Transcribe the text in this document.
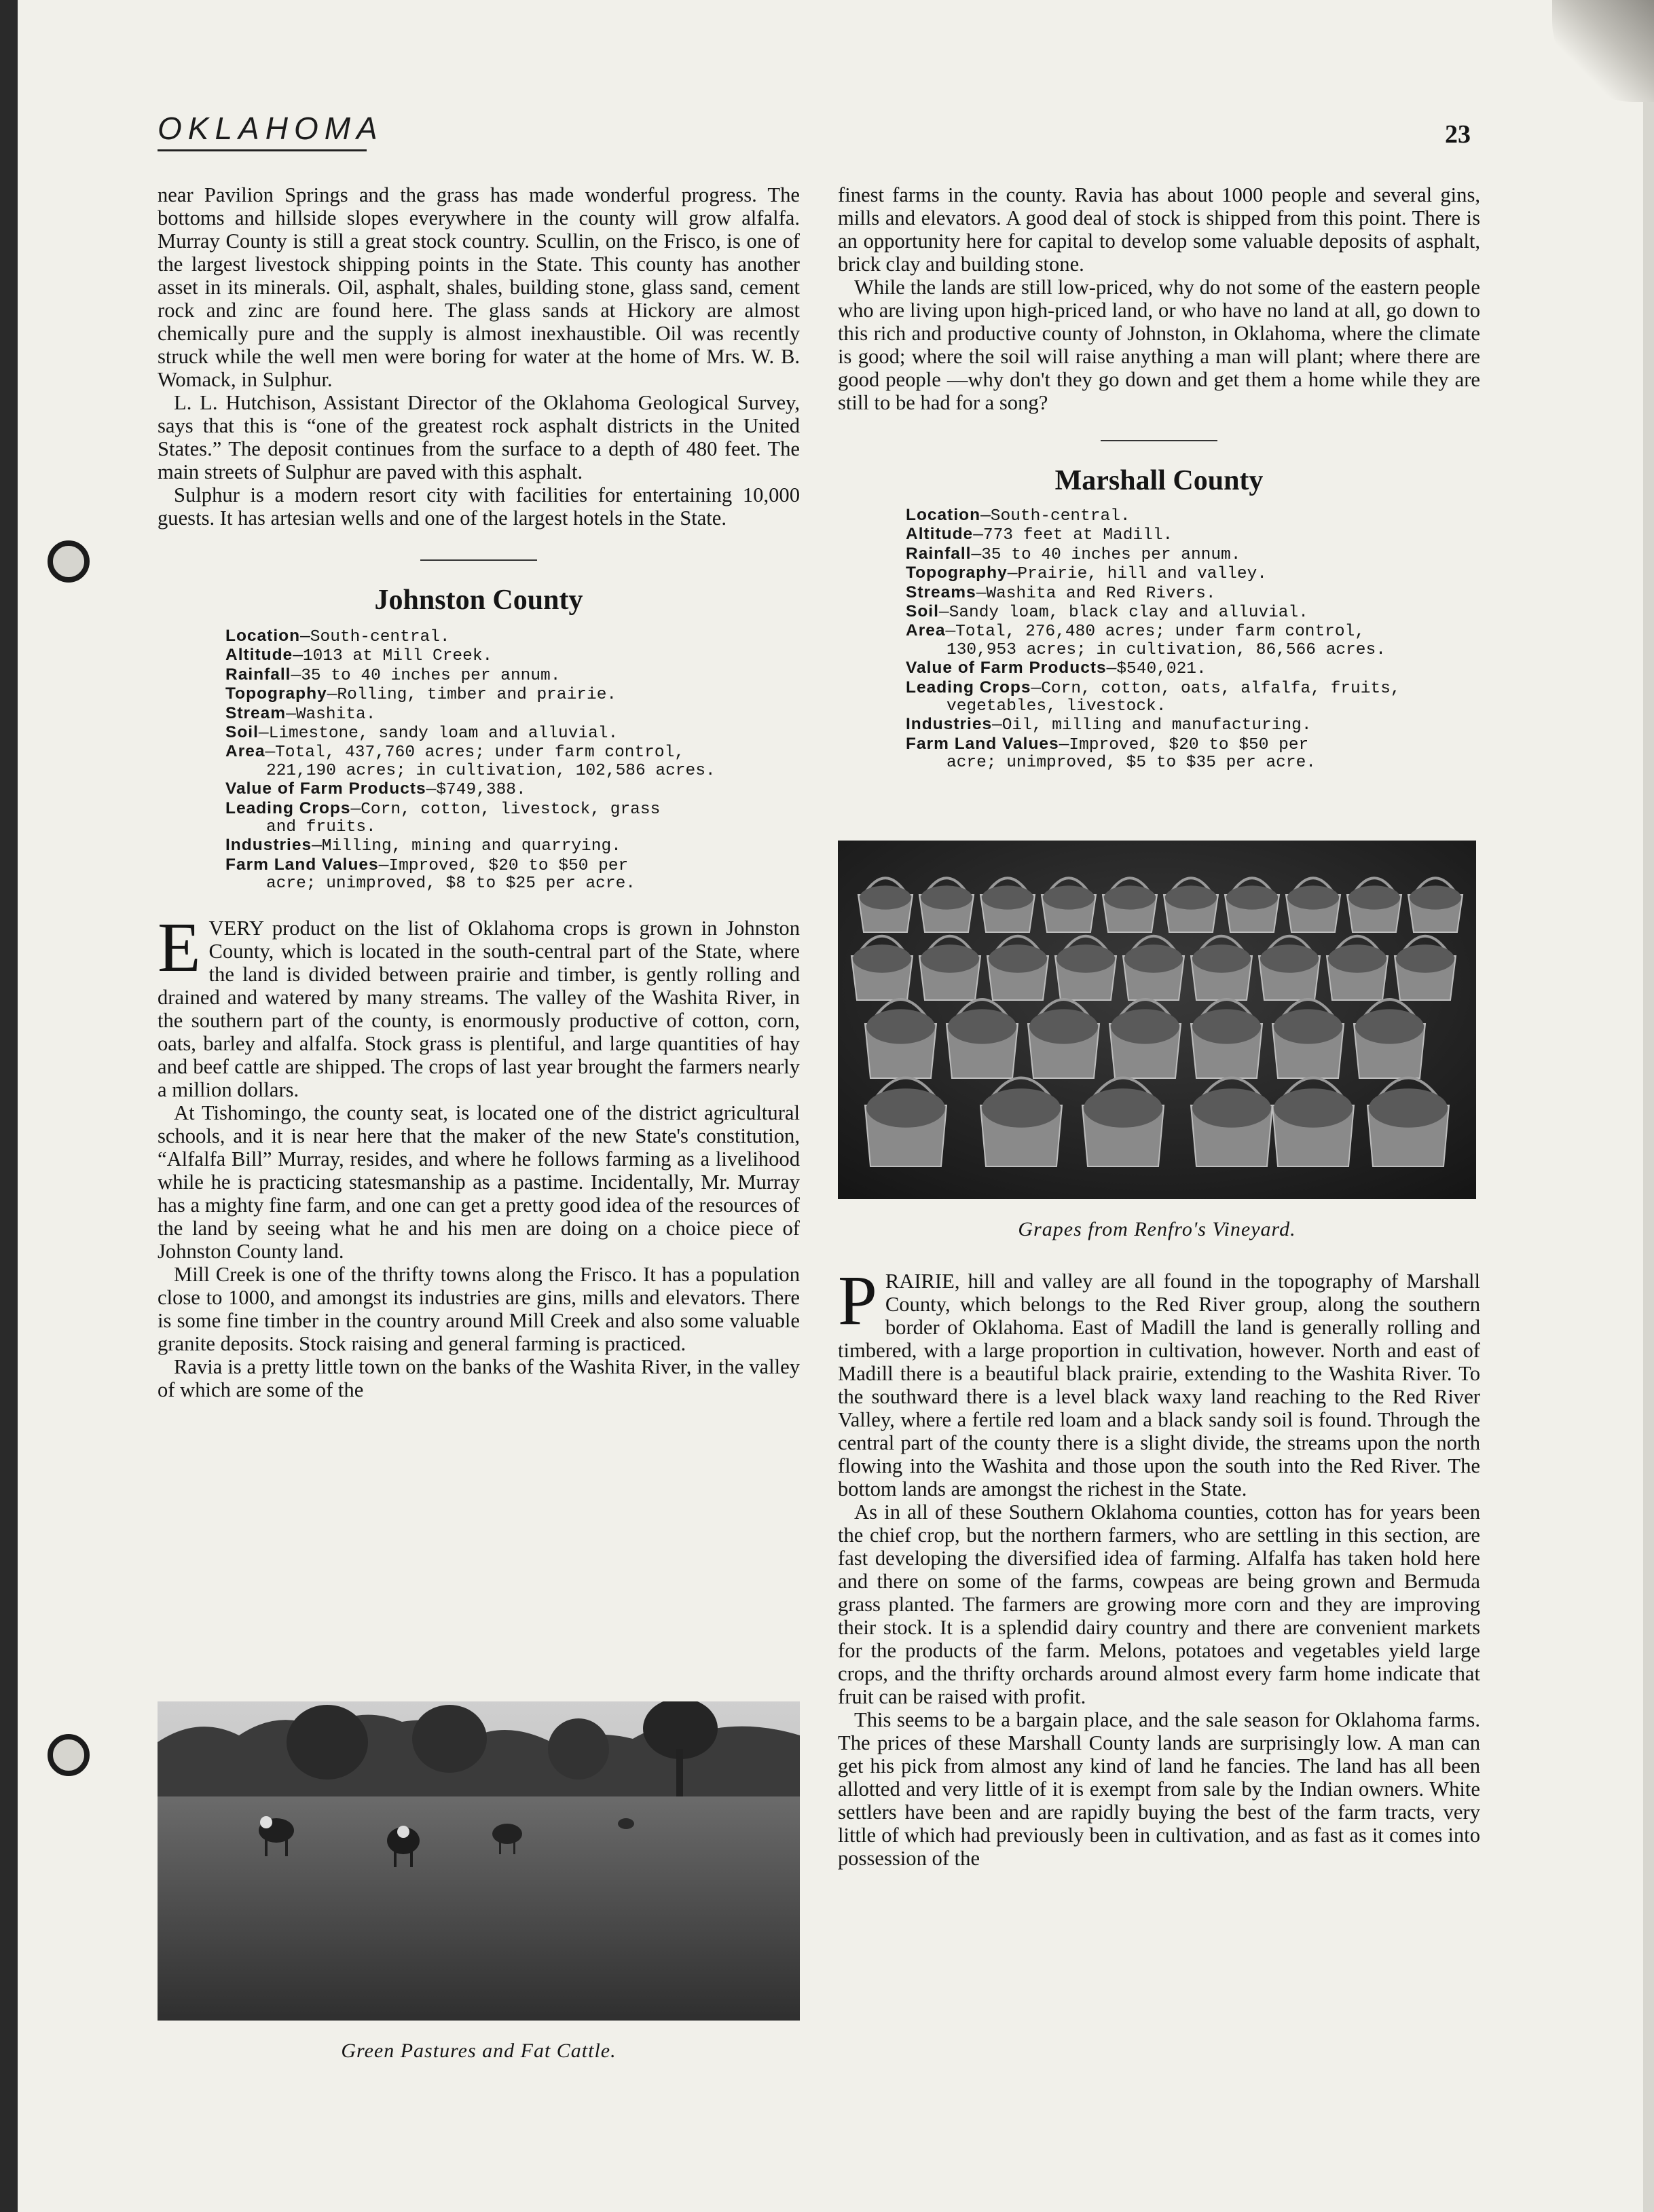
OKLAHOMA	23

near Pavilion Springs and the grass has made wonderful progress. The bottoms and hillside slopes everywhere in the county will grow alfalfa. Murray County is still a great stock country. Scullin, on the Frisco, is one of the largest livestock shipping points in the State. This county has another asset in its minerals. Oil, asphalt, shales, building stone, glass sand, cement rock and zinc are found here. The glass sands at Hickory are almost chemically pure and the supply is almost inexhaustible. Oil was recently struck while the well men were boring for water at the home of Mrs. W. B. Womack, in Sulphur.

L. L. Hutchison, Assistant Director of the Oklahoma Geological Survey, says that this is “one of the greatest rock asphalt districts in the United States.” The deposit continues from the surface to a depth of 480 feet. The main streets of Sulphur are paved with this asphalt.

Sulphur is a modern resort city with facilities for entertaining 10,000 guests. It has artesian wells and one of the largest hotels in the State.

Johnston County
Location—South-central.
Altitude—1013 at Mill Creek.
Rainfall—35 to 40 inches per annum.
Topography—Rolling, timber and prairie.
Stream—Washita.
Soil—Limestone, sandy loam and alluvial.
Area—Total, 437,760 acres; under farm control,
221,190 acres; in cultivation, 102,586 acres.
Value of Farm Products—$749,388.
Leading Crops—Corn, cotton, livestock, grass
and fruits.
Industries—Milling, mining and quarrying.
Farm Land Values—Improved, $20 to $50 per
acre; unimproved, $8 to $25 per acre.

EVERY product on the list of Oklahoma crops is grown in Johnston County, which is located in the south-central part of the State, where the land is divided between prairie and timber, is gently rolling and drained and watered by many streams. The valley of the Washita River, in the southern part of the county, is enormously productive of cotton, corn, oats, barley and alfalfa. Stock grass is plentiful, and large quantities of hay and beef cattle are shipped. The crops of last year brought the farmers nearly a million dollars.

At Tishomingo, the county seat, is located one of the district agricultural schools, and it is near here that the maker of the new State's constitution, “Alfalfa Bill” Murray, resides, and where he follows farming as a livelihood while he is practicing statesmanship as a pastime. Incidentally, Mr. Murray has a mighty fine farm, and one can get a pretty good idea of the resources of the land by seeing what he and his men are doing on a choice piece of Johnston County land.

Mill Creek is one of the thrifty towns along the Frisco. It has a population close to 1000, and amongst its industries are gins, mills and elevators. There is some fine timber in the country around Mill Creek and also some valuable granite deposits. Stock raising and general farming is practiced.

Ravia is a pretty little town on the banks of the Washita River, in the valley of which are some of the

Green Pastures and Fat Cattle.

finest farms in the county. Ravia has about 1000 people and several gins, mills and elevators. A good deal of stock is shipped from this point. There is an opportunity here for capital to develop some valuable deposits of asphalt, brick clay and building stone.

While the lands are still low-priced, why do not some of the eastern people who are living upon high-priced land, or who have no land at all, go down to this rich and productive county of Johnston, in Oklahoma, where the climate is good; where the soil will raise anything a man will plant; where there are good people —why don't they go down and get them a home while they are still to be had for a song?

Marshall County
Location—South-central.
Altitude—773 feet at Madill.
Rainfall—35 to 40 inches per annum.
Topography—Prairie, hill and valley.
Streams—Washita and Red Rivers.
Soil—Sandy loam, black clay and alluvial.
Area—Total, 276,480 acres; under farm control,
130,953 acres; in cultivation, 86,566 acres.
Value of Farm Products—$540,021.
Leading Crops—Corn, cotton, oats, alfalfa, fruits,
vegetables, livestock.
Industries—Oil, milling and manufacturing.
Farm Land Values—Improved, $20 to $50 per
acre; unimproved, $5 to $35 per acre.
Grapes from Renfro's Vineyard.

PRAIRIE, hill and valley are all found in the topography of Marshall County, which belongs to the Red River group, along the southern border of Oklahoma. East of Madill the land is generally rolling and timbered, with a large proportion in cultivation, however. North and east of Madill there is a beautiful black prairie, extending to the Washita River. To the southward there is a level black waxy land reaching to the Red River Valley, where a fertile red loam and a black sandy soil is found. Through the central part of the county there is a slight divide, the streams upon the north flowing into the Washita and those upon the south into the Red River. The bottom lands are amongst the richest in the State.

As in all of these Southern Oklahoma counties, cotton has for years been the chief crop, but the northern farmers, who are settling in this section, are fast developing the diversified idea of farming. Alfalfa has taken hold here and there on some of the farms, cowpeas are being grown and Bermuda grass planted. The farmers are growing more corn and they are improving their stock. It is a splendid dairy country and there are convenient markets for the products of the farm. Melons, potatoes and vegetables yield large crops, and the thrifty orchards around almost every farm home indicate that fruit can be raised with profit.

This seems to be a bargain place, and the sale season for Oklahoma farms. The prices of these Marshall County lands are surprisingly low. A man can get his pick from almost any kind of land he fancies. The land has all been allotted and very little of it is exempt from sale by the Indian owners. White settlers have been and are rapidly buying the best of the farm tracts, very little of which had previously been in cultivation, and as fast as it comes into possession of the
